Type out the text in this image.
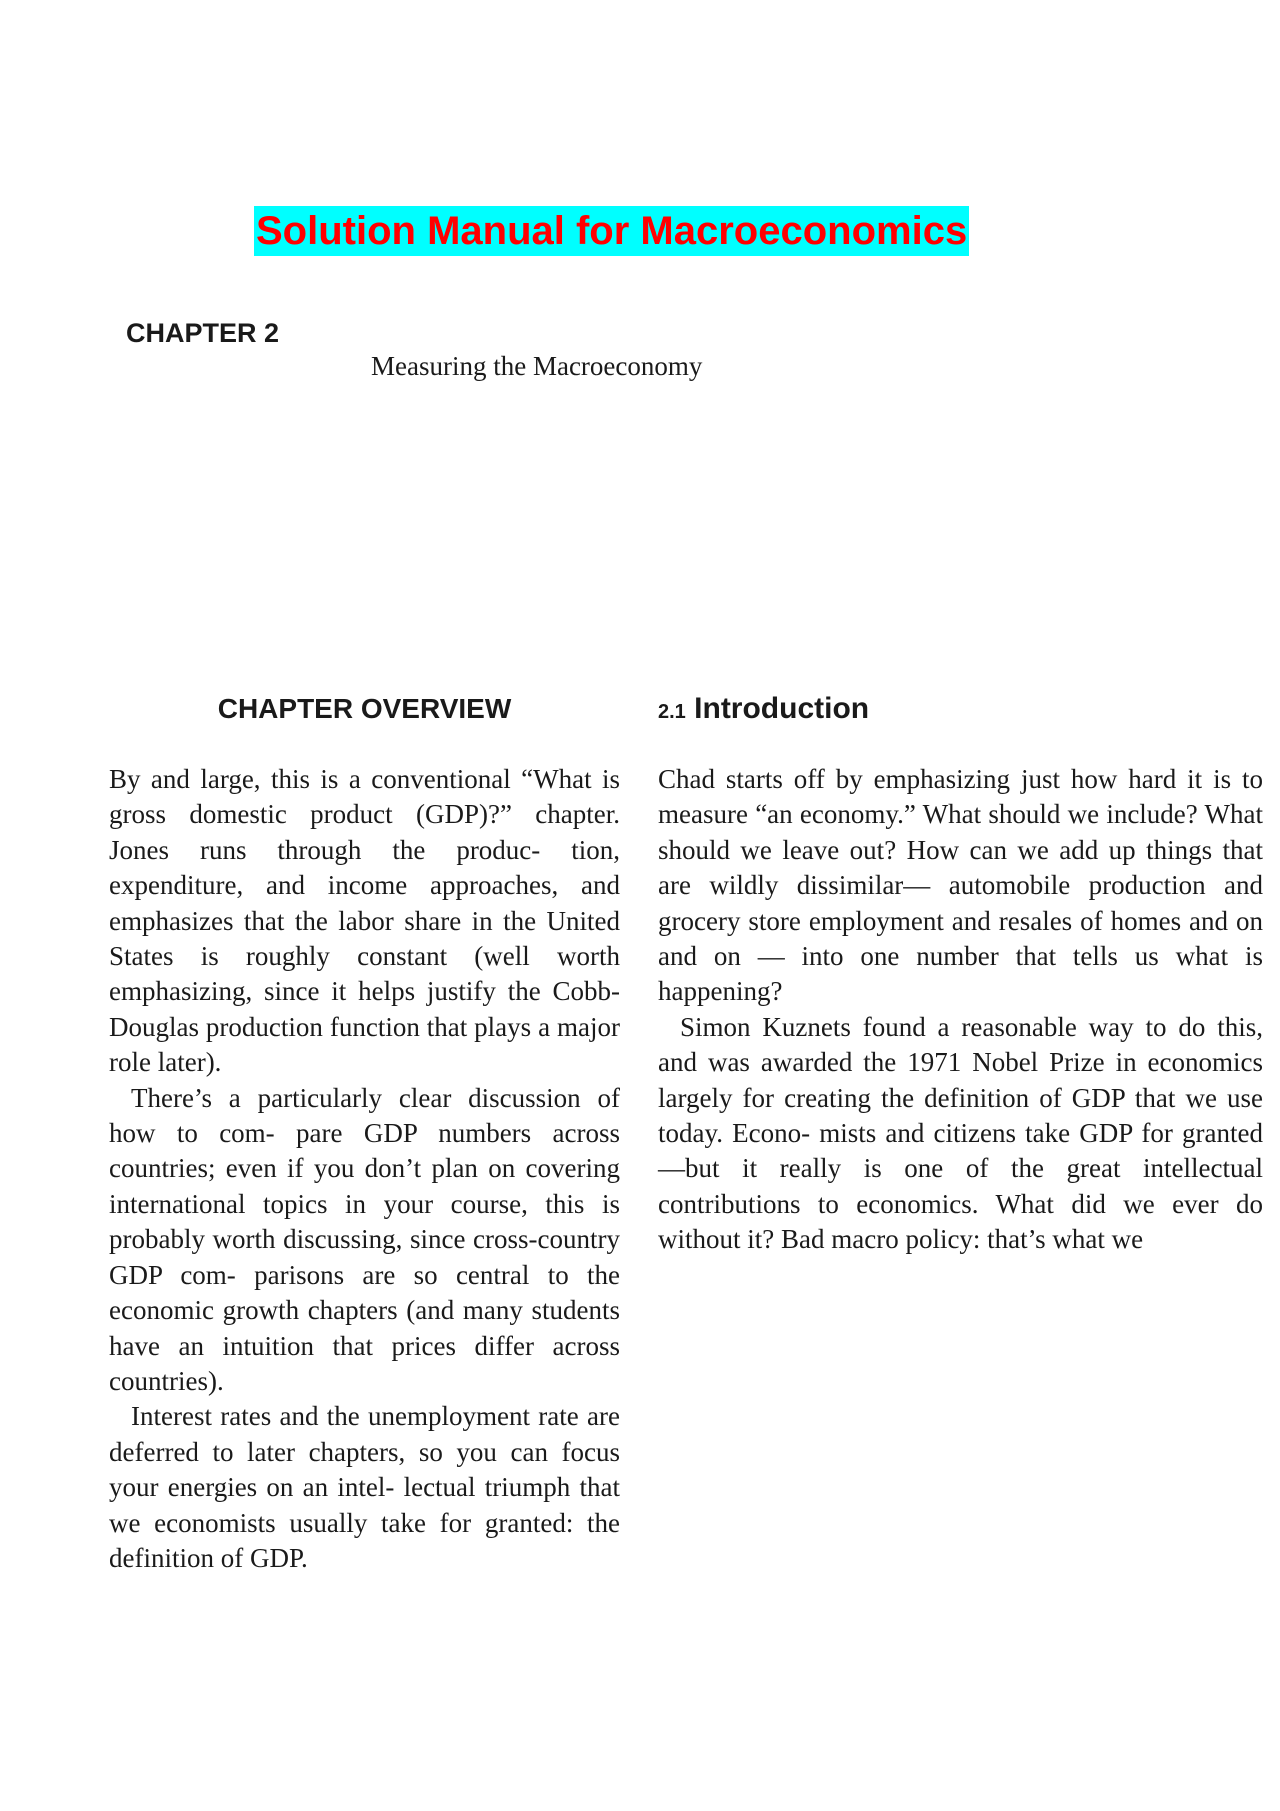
Solution Manual for Macroeconomics
CHAPTER 2
Measuring the Macroeconomy
CHAPTER OVERVIEW	2.1 Introduction

By and large, this is a conventional “What is gross domestic product (GDP)?” chapter. Jones runs through the produc- tion, expenditure, and income approaches, and emphasizes that the labor share in the United States is roughly constant (well worth emphasizing, since it helps justify the Cobb- Douglas production function that plays a major role later).

There’s a particularly clear discussion of how to com- pare GDP numbers across countries; even if you don’t plan on covering international topics in your course, this is probably worth discussing, since cross-country GDP com- parisons are so central to the economic growth chapters (and many students have an intuition that prices differ across countries).

Interest rates and the unemployment rate are deferred to later chapters, so you can focus your energies on an intel- lectual triumph that we economists usually take for granted: the definition of GDP.

Chad starts off by emphasizing just how hard it is to measure “an economy.” What should we include? What should we leave out? How can we add up things that are wildly dissimilar— automobile production and grocery store employment and resales of homes and on and on — into one number that tells us what is happening?

Simon Kuznets found a reasonable way to do this, and was awarded the 1971 Nobel Prize in economics largely for creating the definition of GDP that we use today. Econo- mists and citizens take GDP for granted—but it really is one of the great intellectual contributions to economics. What did we ever do without it? Bad macro policy: that’s what we
